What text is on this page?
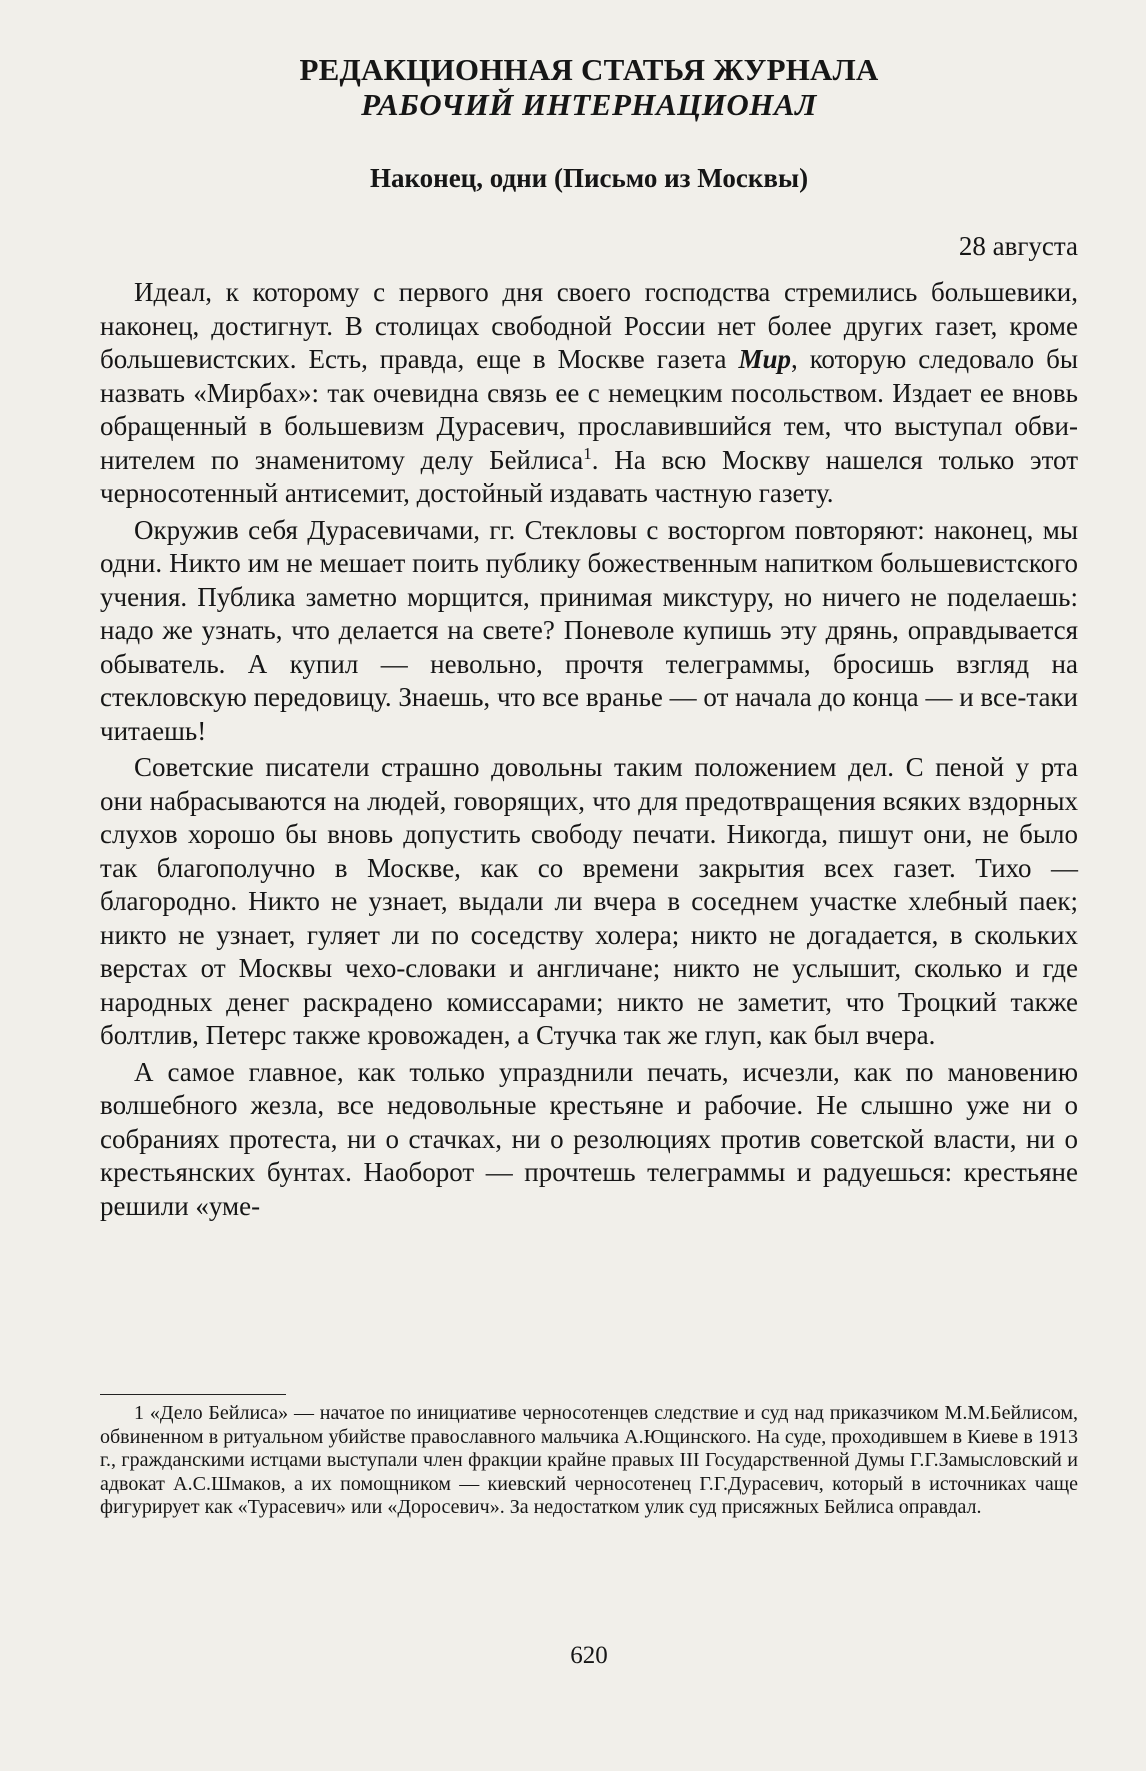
РЕДАКЦИОННАЯ СТАТЬЯ ЖУРНАЛА
РАБОЧИЙ ИНТЕРНАЦИОНАЛ
Наконец, одни (Письмо из Москвы)
28 августа

Идеал, к которому с первого дня своего господства стремились большевики, наконец, достигнут. В столицах свободной России нет более других газет, кроме большевистских. Есть, правда, еще в Москве газета Мир, которую следовало бы назвать «Мирбах»: так очевидна связь ее с немецким посольством. Издает ее вновь обращенный в большевизм Дурасевич, прославившийся тем, что выступал обвинителем по знаменитому делу Бейлиса$^1$. На всю Москву нашелся только этот черносотенный антисемит, достойный издавать частную газету.

Окружив себя Дурасевичами, гг. Стекловы с восторгом повторяют: наконец, мы одни. Никто им не мешает поить публику божественным напитком большевистского учения. Публика заметно морщится, принимая микстуру, но ничего не поделаешь: надо же узнать, что делается на свете? Поневоле купишь эту дрянь, оправдывается обыватель. А купил — невольно, прочтя телеграммы, бросишь взгляд на стекловскую передовицу. Знаешь, что все вранье — от начала до конца — и все-таки читаешь!

Советские писатели страшно довольны таким положением дел. С пеной у рта они набрасываются на людей, говорящих, что для предотвращения всяких вздорных слухов хорошо бы вновь допустить свободу печати. Никогда, пишут они, не было так благополучно в Москве, как со времени закрытия всех газет. Тихо — благородно. Никто не узнает, выдали ли вчера в соседнем участке хлебный паек; никто не узнает, гуляет ли по соседству холера; никто не догадается, в скольких верстах от Москвы чехо-словаки и англичане; никто не услышит, сколько и где народных денег раскрадено комиссарами; никто не заметит, что Троцкий также болтлив, Петерс также кровожаден, а Стучка так же глуп, как был вчера.

А самое главное, как только упразднили печать, исчезли, как по мановению волшебного жезла, все недовольные крестьяне и рабочие. Не слышно уже ни о собраниях протеста, ни о стачках, ни о резолюциях против советской власти, ни о крестьянских бунтах. Наоборот — прочтешь телеграммы и радуешься: крестьяне решили «уме-

1 «Дело Бейлиса» — начатое по инициативе черносотенцев следствие и суд над приказчиком М.М.Бейлисом, обвиненном в ритуальном убийстве православного мальчика А.Ющинского. На суде, проходившем в Киеве в 1913 г., гражданскими истцами выступали член фракции крайне правых III Государственной Думы Г.Г.Замысловский и адвокат А.С.Шмаков, а их помощником — киевский черносотенец Г.Г.Дурасевич, который в источниках чаще фигурирует как «Турасевич» или «Доросевич». За недостатком улик суд присяжных Бейлиса оправдал.

620
